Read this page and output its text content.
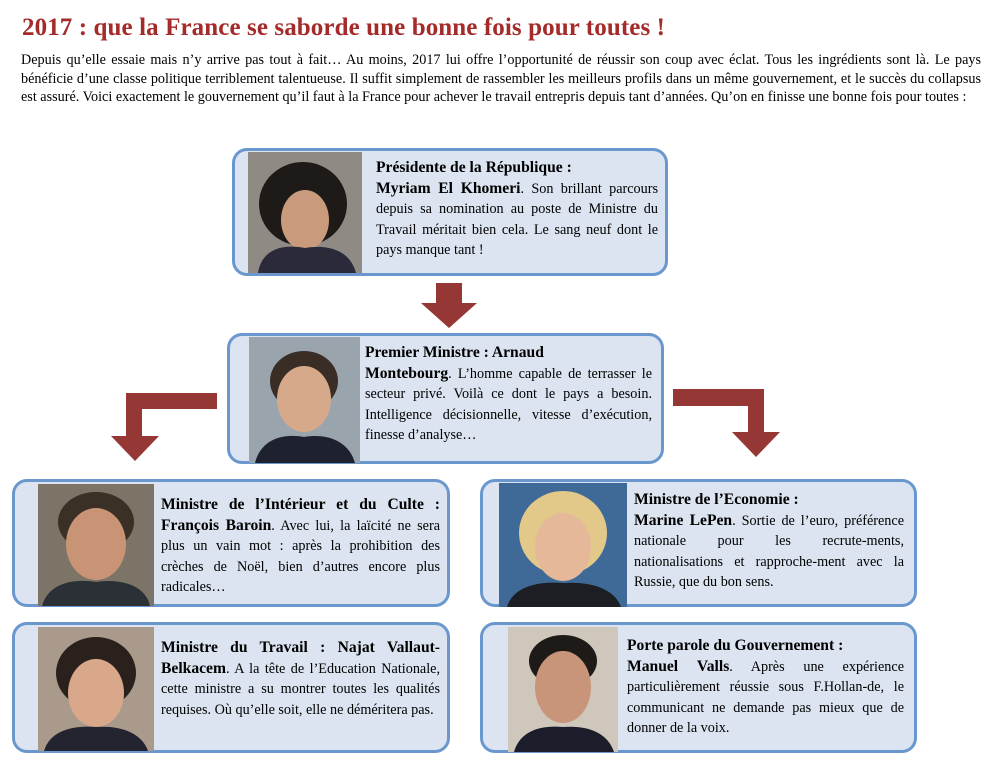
2017 : que la France se saborde une bonne fois pour toutes !

Depuis qu’elle essaie mais n’y arrive pas tout à fait… Au moins, 2017 lui offre l’opportunité de réussir son coup avec éclat. Tous les ingrédients sont là. Le pays bénéficie d’une classe politique terriblement talentueuse. Il suffit simplement de rassembler les meilleurs profils dans un même gouvernement, et le succès du collapsus est assuré. Voici exactement le gouvernement qu’il faut à la France pour achever le travail entrepris depuis tant d’années. Qu’on en finisse une bonne fois pour toutes :

Présidente de la République :
Myriam El Khomeri. Son brillant parcours depuis sa nomination au poste de Ministre du Travail méritait bien cela. Le sang neuf dont le pays manque tant !
Premier Ministre : Arnaud
Montebourg. L’homme capable de terrasser le secteur privé. Voilà ce dont le pays a besoin. Intelligence décisionnelle, vitesse d’exécution, finesse d’analyse…
Ministre de l’Intérieur et du Culte : François Baroin. Avec lui, la laïcité ne sera plus un vain mot : après la prohibition des crèches de Noël, bien d’autres encore plus radicales…
Ministre de l’Economie :
Marine LePen. Sortie de l’euro, préférence nationale pour les recrute-ments, nationalisations et rapproche-ment avec la Russie, que du bon sens.
Ministre du Travail : Najat Vallaut-Belkacem. A la tête de l’Education Nationale, cette ministre a su montrer toutes les qualités requises. Où qu’elle soit, elle ne déméritera pas.
Porte parole du Gouvernement :
Manuel Valls. Après une expérience particulièrement réussie sous F.Hollan-de, le communicant ne demande pas mieux que de donner de la voix.
